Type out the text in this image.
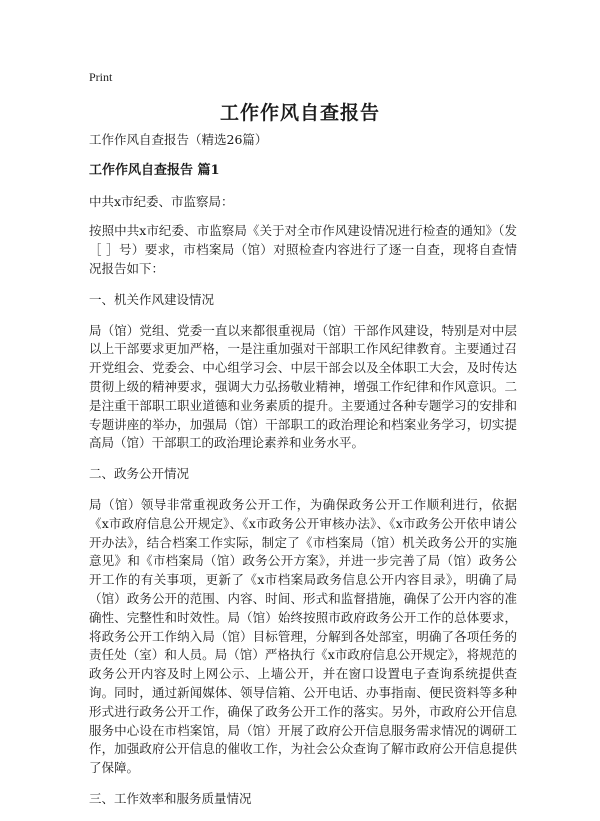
Print
工作作风自查报告

工作作风自查报告（精选26篇）

工作作风自查报告 篇1

中共x市纪委、市监察局：

按照中共x市纪委、市监察局《关于对全市作风建设情况进行检查的通知》（发［ ］号）要求，市档案局（馆）对照检查内容进行了逐一自查，现将自查情况报告如下：

一、机关作风建设情况

局（馆）党组、党委一直以来都很重视局（馆）干部作风建设，特别是对中层以上干部要求更加严格，一是注重加强对干部职工作风纪律教育。主要通过召开党组会、党委会、中心组学习会、中层干部会以及全体职工大会，及时传达贯彻上级的精神要求，强调大力弘扬敬业精神，增强工作纪律和作风意识。二是注重干部职工职业道德和业务素质的提升。主要通过各种专题学习的安排和专题讲座的举办，加强局（馆）干部职工的政治理论和档案业务学习，切实提高局（馆）干部职工的政治理论素养和业务水平。

二、政务公开情况

局（馆）领导非常重视政务公开工作，为确保政务公开工作顺利进行，依据《x市政府信息公开规定》、《x市政务公开审核办法》、《x市政务公开依申请公开办法》，结合档案工作实际，制定了《市档案局（馆）机关政务公开的实施意见》和《市档案局（馆）政务公开方案》，并进一步完善了局（馆）政务公开工作的有关事项，更新了《x市档案局政务信息公开内容目录》，明确了局（馆）政务公开的范围、内容、时间、形式和监督措施，确保了公开内容的准确性、完整性和时效性。局（馆）始终按照市政府政务公开工作的总体要求，将政务公开工作纳入局（馆）目标管理，分解到各处部室，明确了各项任务的责任处（室）和人员。局（馆）严格执行《x市政府信息公开规定》，将规范的政务公开内容及时上网公示、上墙公开，并在窗口设置电子查询系统提供查询。同时，通过新闻媒体、领导信箱、公开电话、办事指南、便民资料等多种形式进行政务公开工作，确保了政务公开工作的落实。另外，市政府公开信息服务中心设在市档案馆，局（馆）开展了政府公开信息服务需求情况的调研工作，加强政府公开信息的催收工作，为社会公众查询了解市政府公开信息提供了保障。

三、工作效率和服务质量情况
